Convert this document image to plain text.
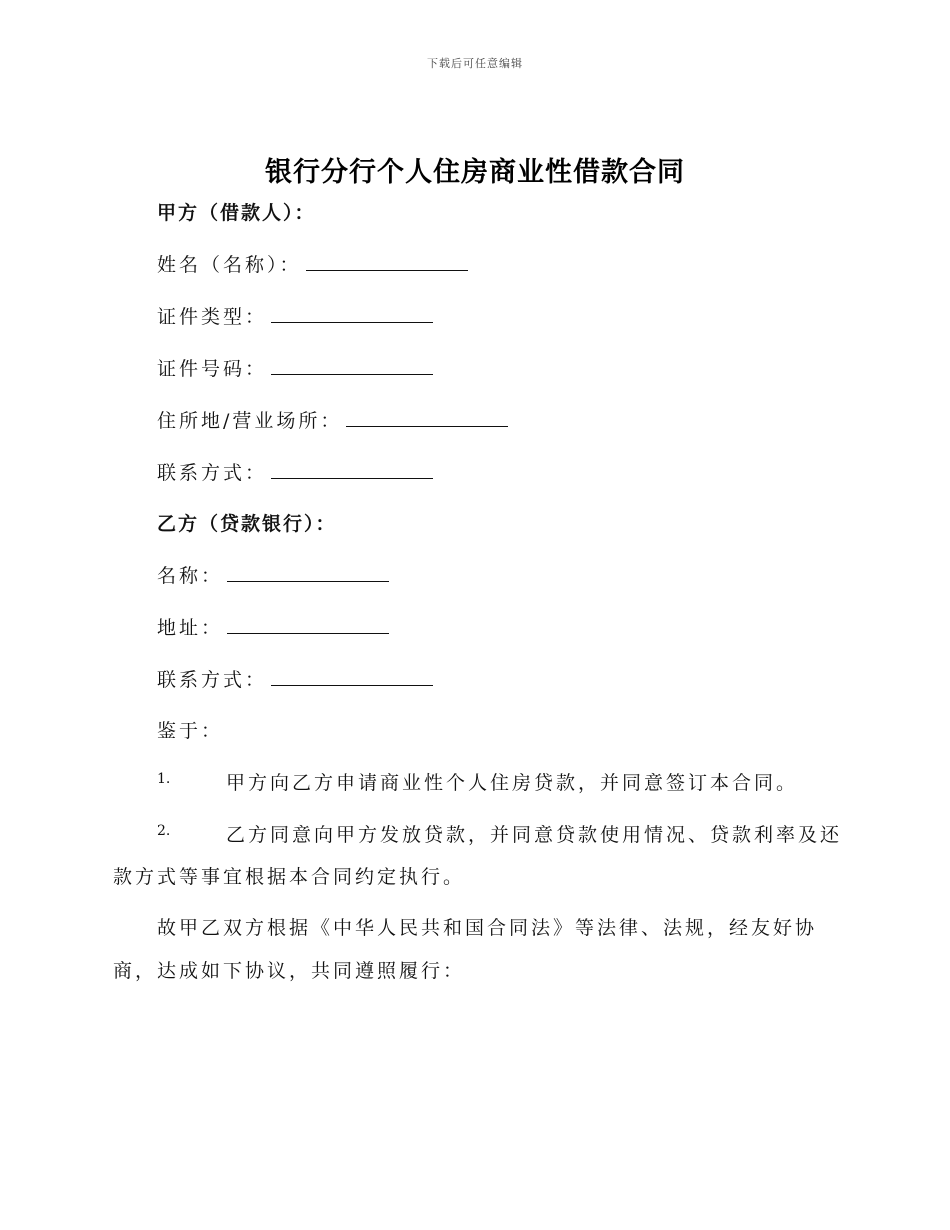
下载后可任意编辑
银行分行个人住房商业性借款合同
甲方（借款人）：
姓名（名称）：
证件类型：
证件号码：
住所地/营业场所：
联系方式：
乙方（贷款银行）：
名称：
地址：
联系方式：
鉴于：
1.	甲方向乙方申请商业性个人住房贷款，并同意签订本合同。
2.	乙方同意向甲方发放贷款，并同意贷款使用情况、贷款利率及还
款方式等事宜根据本合同约定执行。
故甲乙双方根据《中华人民共和国合同法》等法律、法规，经友好协
商，达成如下协议，共同遵照履行：
